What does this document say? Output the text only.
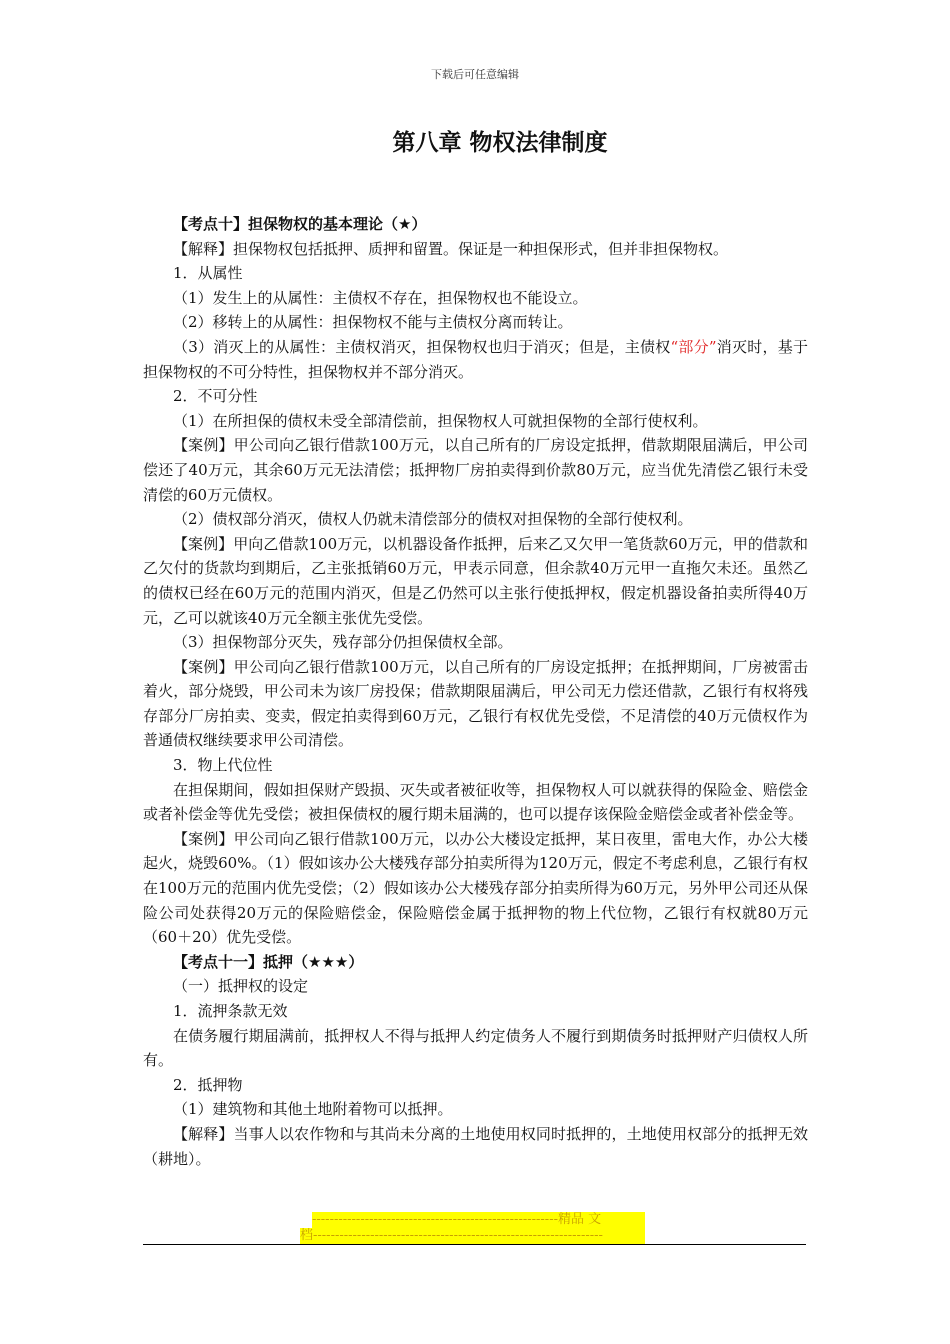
下载后可任意编辑
第八章 物权法律制度

【考点十】担保物权的基本理论（★）

【解释】担保物权包括抵押、质押和留置。保证是一种担保形式，但并非担保物权。

1．从属性

（1）发生上的从属性：主债权不存在，担保物权也不能设立。

（2）移转上的从属性：担保物权不能与主债权分离而转让。

（3）消灭上的从属性：主债权消灭，担保物权也归于消灭；但是，主债权“部分”消灭时，基于担保物权的不可分特性，担保物权并不部分消灭。

2．不可分性

（1）在所担保的债权未受全部清偿前，担保物权人可就担保物的全部行使权利。

【案例】甲公司向乙银行借款100万元，以自己所有的厂房设定抵押，借款期限届满后，甲公司偿还了40万元，其余60万元无法清偿；抵押物厂房拍卖得到价款80万元，应当优先清偿乙银行未受清偿的60万元债权。

（2）债权部分消灭，债权人仍就未清偿部分的债权对担保物的全部行使权利。

【案例】甲向乙借款100万元，以机器设备作抵押，后来乙又欠甲一笔货款60万元，甲的借款和乙欠付的货款均到期后，乙主张抵销60万元，甲表示同意，但余款40万元甲一直拖欠未还。虽然乙的债权已经在60万元的范围内消灭，但是乙仍然可以主张行使抵押权，假定机器设备拍卖所得40万元，乙可以就该40万元全额主张优先受偿。

（3）担保物部分灭失，残存部分仍担保债权全部。

【案例】甲公司向乙银行借款100万元，以自己所有的厂房设定抵押；在抵押期间，厂房被雷击着火，部分烧毁，甲公司未为该厂房投保；借款期限届满后，甲公司无力偿还借款，乙银行有权将残存部分厂房拍卖、变卖，假定拍卖得到60万元，乙银行有权优先受偿，不足清偿的40万元债权作为普通债权继续要求甲公司清偿。

3．物上代位性

在担保期间，假如担保财产毁损、灭失或者被征收等，担保物权人可以就获得的保险金、赔偿金或者补偿金等优先受偿；被担保债权的履行期未届满的，也可以提存该保险金赔偿金或者补偿金等。

【案例】甲公司向乙银行借款100万元，以办公大楼设定抵押，某日夜里，雷电大作，办公大楼起火，烧毁60%。（1）假如该办公大楼残存部分拍卖所得为120万元，假定不考虑利息，乙银行有权在100万元的范围内优先受偿；（2）假如该办公大楼残存部分拍卖所得为60万元，另外甲公司还从保险公司处获得20万元的保险赔偿金，保险赔偿金属于抵押物的物上代位物，乙银行有权就80万元（60＋20）优先受偿。

【考点十一】抵押（★★★）

（一）抵押权的设定

1．流押条款无效

在债务履行期届满前，抵押权人不得与抵押人约定债务人不履行到期债务时抵押财产归债权人所有。

2．抵押物

（1）建筑物和其他土地附着物可以抵押。

【解释】当事人以农作物和与其尚未分离的土地使用权同时抵押的，土地使用权部分的抵押无效（耕地）。

--------------------------------------------------------精品 文
档------------------------------------------------------------------
